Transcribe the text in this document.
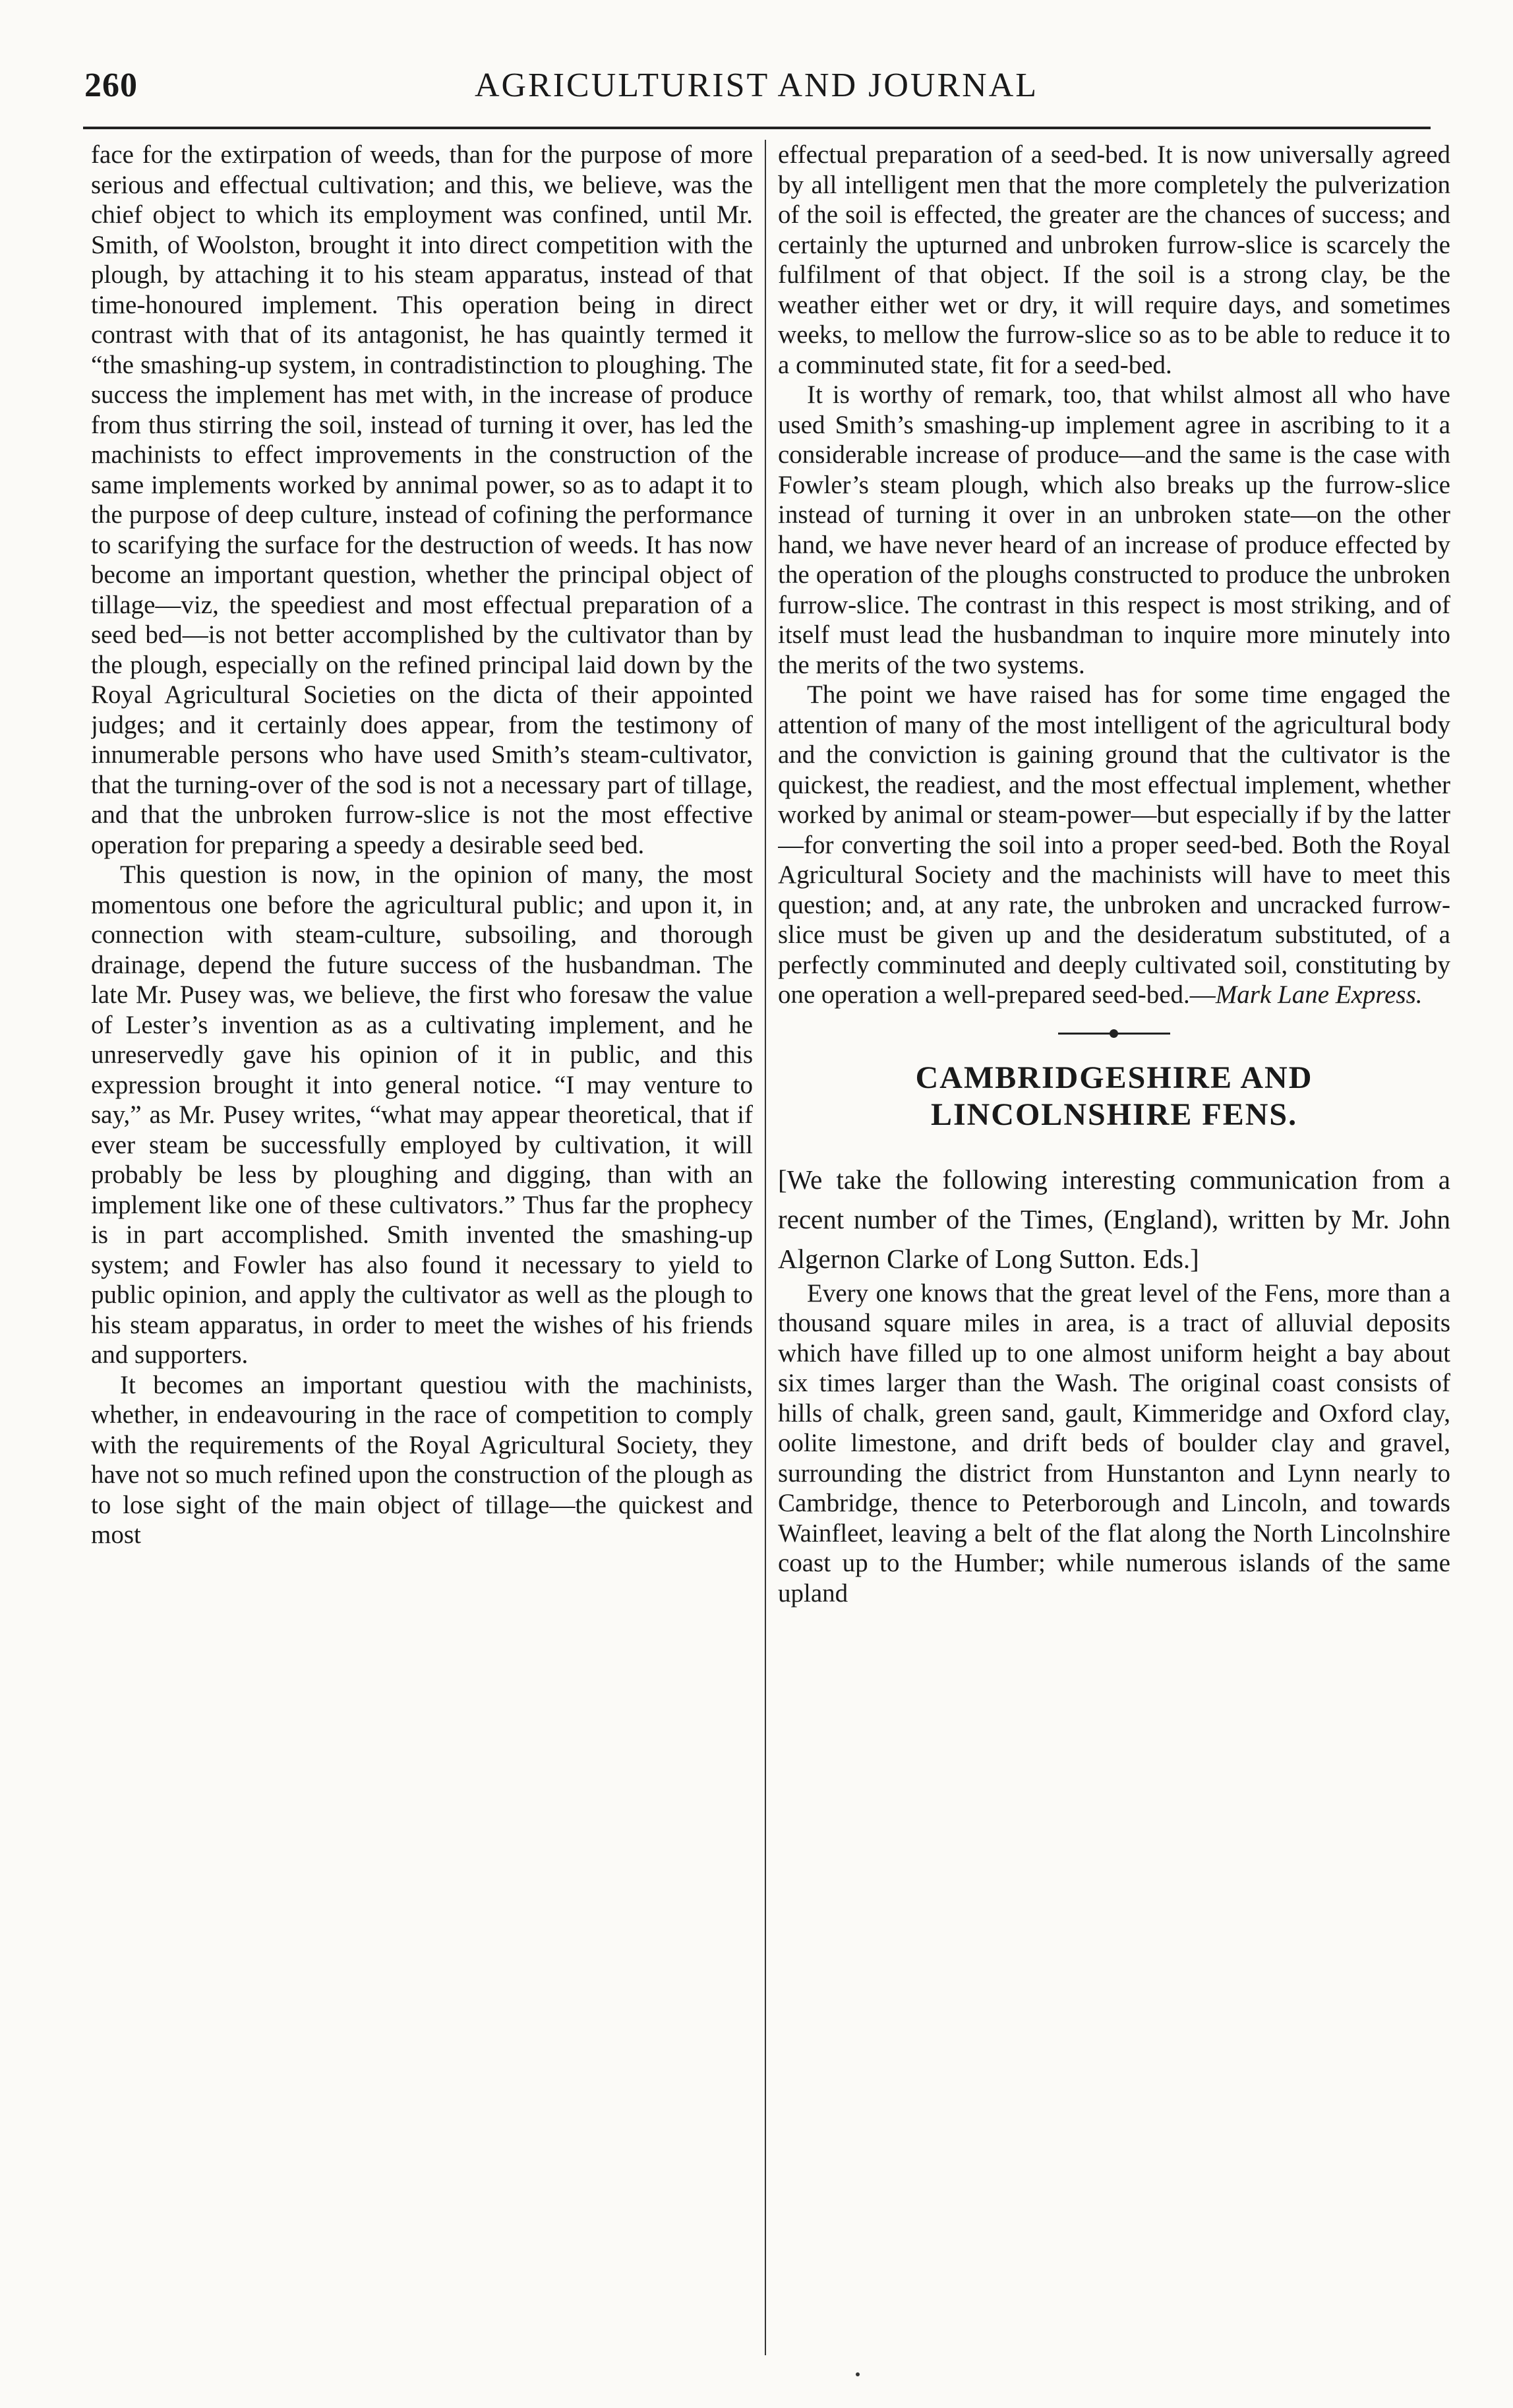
260	AGRICULTURIST AND JOURNAL

face for the extirpation of weeds, than for the purpose of more serious and effectual cultivation; and this, we believe, was the chief object to which its employment was confined, until Mr. Smith, of Woolston, brought it into direct competition with the plough, by attaching it to his steam apparatus, instead of that time-honoured implement. This operation being in direct contrast with that of its antagonist, he has quaintly termed it “the smashing-up system, in contradistinction to ploughing. The success the implement has met with, in the increase of produce from thus stirring the soil, instead of turning it over, has led the machinists to effect improvements in the construction of the same implements worked by annimal power, so as to adapt it to the purpose of deep culture, instead of cofining the performance to scarifying the surface for the destruction of weeds. It has now become an important question, whether the principal object of tillage—viz, the speediest and most effectual preparation of a seed bed—is not better accomplished by the cultivator than by the plough, especially on the refined principal laid down by the Royal Agricultural Societies on the dicta of their appointed judges; and it certainly does appear, from the testimony of innumerable persons who have used Smith’s steam-cultivator, that the turning-over of the sod is not a necessary part of tillage, and that the unbroken furrow-slice is not the most effective operation for preparing a speedy a desirable seed bed.

This question is now, in the opinion of many, the most momentous one before the agricultural public; and upon it, in connection with steam-culture, subsoiling, and thorough drainage, depend the future success of the husbandman. The late Mr. Pusey was, we believe, the first who foresaw the value of Lester’s invention as as a cultivating implement, and he unreservedly gave his opinion of it in public, and this expression brought it into general notice. “I may venture to say,” as Mr. Pusey writes, “what may appear theoretical, that if ever steam be successfully employed by cultivation, it will probably be less by ploughing and digging, than with an implement like one of these cultivators.” Thus far the prophecy is in part accomplished. Smith invented the smashing-up system; and Fowler has also found it necessary to yield to public opinion, and apply the cultivator as well as the plough to his steam apparatus, in order to meet the wishes of his friends and supporters.

It becomes an important questiou with the machinists, whether, in endeavouring in the race of competition to comply with the requirements of the Royal Agricultural Society, they have not so much refined upon the construction of the plough as to lose sight of the main object of tillage—the quickest and most

effectual preparation of a seed-bed. It is now universally agreed by all intelligent men that the more completely the pulverization of the soil is effected, the greater are the chances of success; and certainly the upturned and unbroken furrow-slice is scarcely the fulfilment of that object. If the soil is a strong clay, be the weather either wet or dry, it will require days, and sometimes weeks, to mellow the furrow-slice so as to be able to reduce it to a comminuted state, fit for a seed-bed.

It is worthy of remark, too, that whilst almost all who have used Smith’s smashing-up implement agree in ascribing to it a considerable increase of produce—and the same is the case with Fowler’s steam plough, which also breaks up the furrow-slice instead of turning it over in an unbroken state—on the other hand, we have never heard of an increase of produce effected by the operation of the ploughs constructed to produce the unbroken furrow-slice. The contrast in this respect is most striking, and of itself must lead the husbandman to inquire more minutely into the merits of the two systems.

The point we have raised has for some time engaged the attention of many of the most intelligent of the agricultural body and the conviction is gaining ground that the cultivator is the quickest, the readiest, and the most effectual implement, whether worked by animal or steam-power—but especially if by the latter—for converting the soil into a proper seed-bed. Both the Royal Agricultural Society and the machinists will have to meet this question; and, at any rate, the unbroken and uncracked furrow-slice must be given up and the desideratum substituted, of a perfectly comminuted and deeply cultivated soil, constituting by one operation a well-prepared seed-bed.—Mark Lane Express.

CAMBRIDGESHIRE AND LINCOLNSHIRE FENS.

[We take the following interesting communication from a recent number of the Times, (England), written by Mr. John Algernon Clarke of Long Sutton. Eds.]

Every one knows that the great level of the Fens, more than a thousand square miles in area, is a tract of alluvial deposits which have filled up to one almost uniform height a bay about six times larger than the Wash. The original coast consists of hills of chalk, green sand, gault, Kimmeridge and Oxford clay, oolite limestone, and drift beds of boulder clay and gravel, surrounding the district from Hunstanton and Lynn nearly to Cambridge, thence to Peterborough and Lincoln, and towards Wainfleet, leaving a belt of the flat along the North Lincolnshire coast up to the Humber; while numerous islands of the same upland
